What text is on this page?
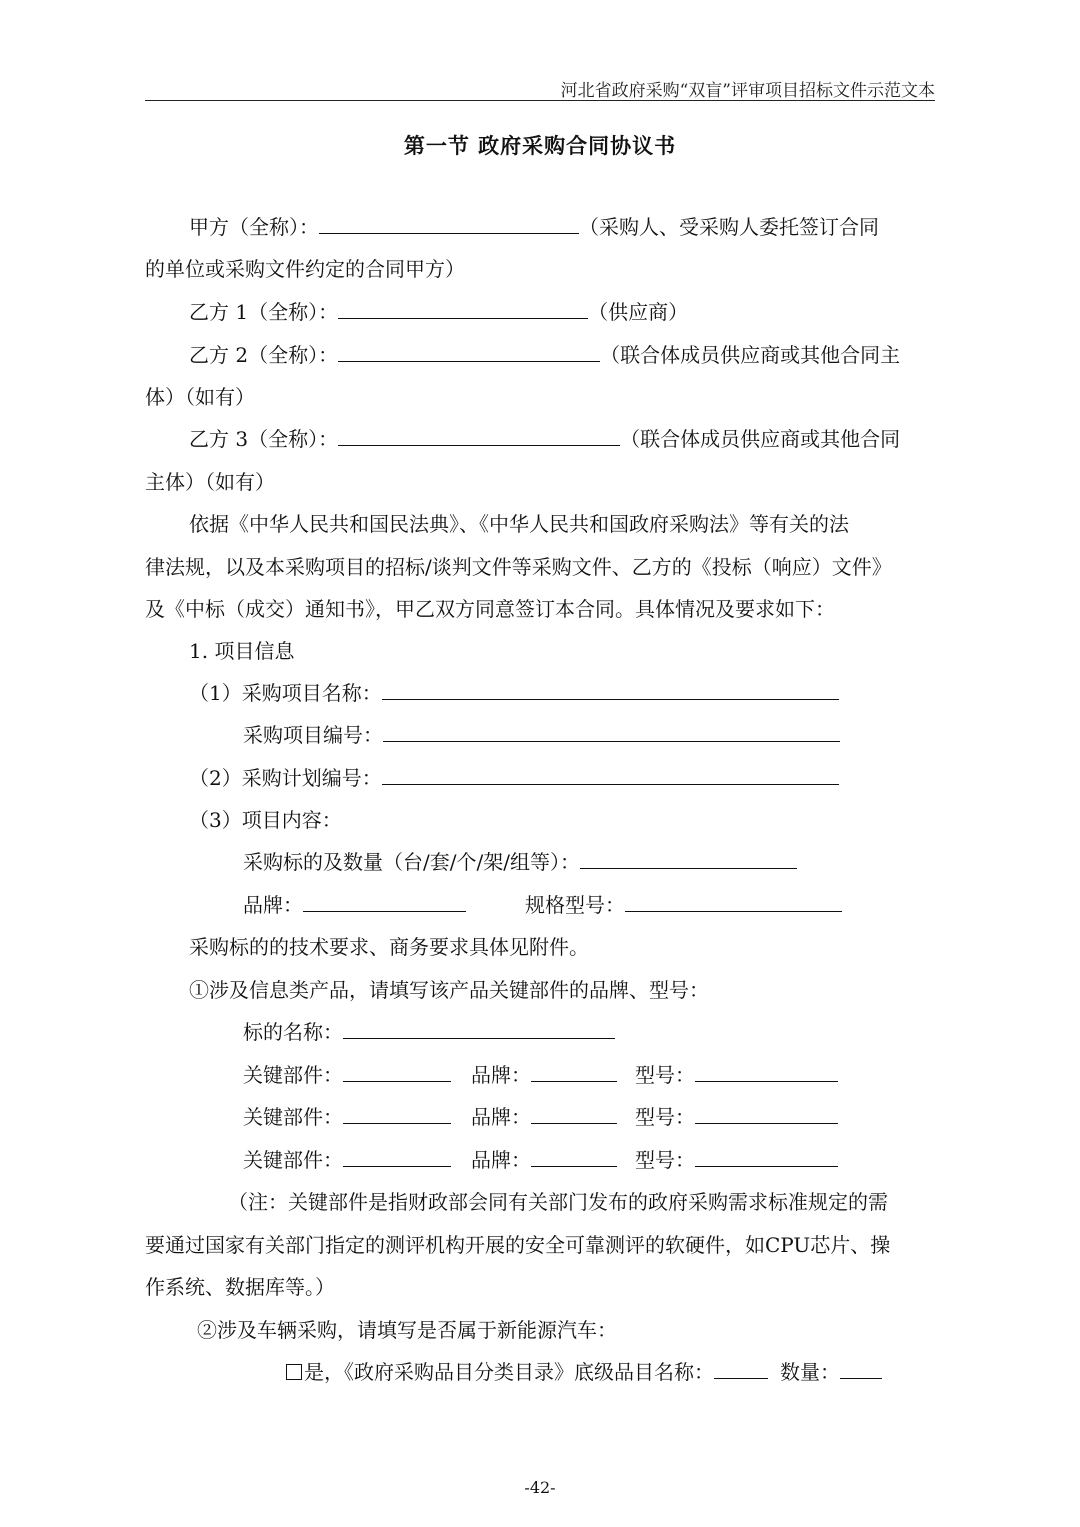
河北省政府采购“双盲”评审项目招标文件示范文本
第一节 政府采购合同协议书
甲方（全称）：	（采购人、受采购人委托签订合同
的单位或采购文件约定的合同甲方）
乙方 1（全称）：	（供应商）
乙方 2（全称）：	（联合体成员供应商或其他合同主
体）（如有）
乙方 3（全称）：	（联合体成员供应商或其他合同
主体）（如有）
依据《中华人民共和国民法典》、《中华人民共和国政府采购法》等有关的法
律法规，以及本采购项目的招标/谈判文件等采购文件、乙方的《投标（响应）文件》
及《中标（成交）通知书》，甲乙双方同意签订本合同。具体情况及要求如下：
1. 项目信息
（1）采购项目名称：
采购项目编号：
（2）采购计划编号：
（3）项目内容：
采购标的及数量（台/套/个/架/组等）：
品牌：	规格型号：
采购标的的技术要求、商务要求具体见附件。
①涉及信息类产品，请填写该产品关键部件的品牌、型号：
标的名称：
关键部件：	品牌：	型号：
关键部件：	品牌：	型号：
关键部件：	品牌：	型号：
（注：关键部件是指财政部会同有关部门发布的政府采购需求标准规定的需
要通过国家有关部门指定的测评机构开展的安全可靠测评的软硬件，如CPU芯片、操
作系统、数据库等。）
②涉及车辆采购，请填写是否属于新能源汽车：
是，《政府采购品目分类目录》底级品目名称：	数量：
-42-
